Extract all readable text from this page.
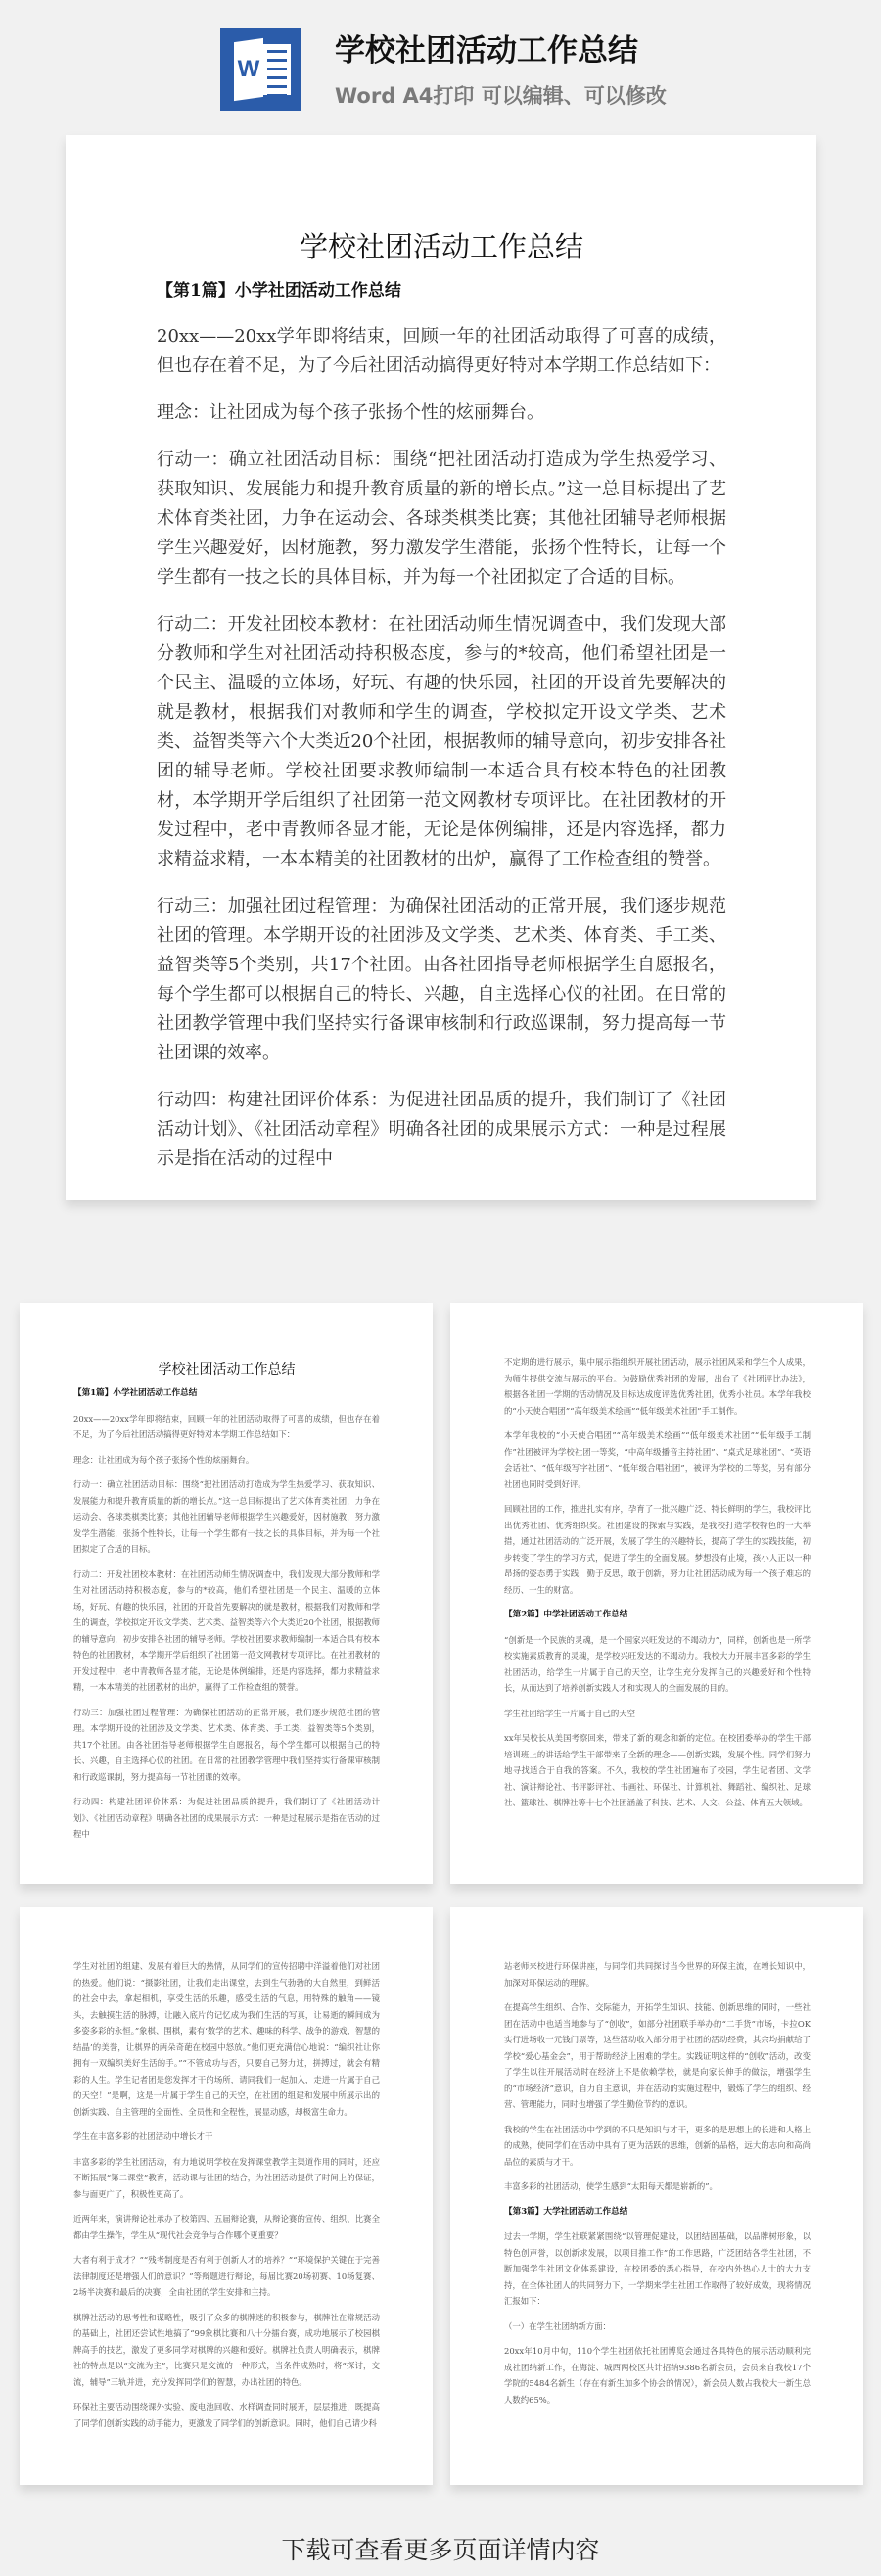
W
学校社团活动工作总结
Word A4打印 可以编辑、可以修改
学校社团活动工作总结
【第1篇】小学社团活动工作总结

20xx——20xx学年即将结束，回顾一年的社团活动取得了可喜的成绩，但也存在着不足，为了今后社团活动搞得更好特对本学期工作总结如下：

理念：让社团成为每个孩子张扬个性的炫丽舞台。

行动一：确立社团活动目标：围绕“把社团活动打造成为学生热爱学习、获取知识、发展能力和提升教育质量的新的增长点。”这一总目标提出了艺术体育类社团，力争在运动会、各球类棋类比赛；其他社团辅导老师根据学生兴趣爱好，因材施教，努力激发学生潜能，张扬个性特长，让每一个学生都有一技之长的具体目标，并为每一个社团拟定了合适的目标。

行动二：开发社团校本教材：在社团活动师生情况调查中，我们发现大部分教师和学生对社团活动持积极态度，参与的*较高，他们希望社团是一个民主、温暖的立体场，好玩、有趣的快乐园，社团的开设首先要解决的就是教材，根据我们对教师和学生的调查，学校拟定开设文学类、艺术类、益智类等六个大类近20个社团，根据教师的辅导意向，初步安排各社团的辅导老师。学校社团要求教师编制一本适合具有校本特色的社团教材，本学期开学后组织了社团第一范文网教材专项评比。在社团教材的开发过程中，老中青教师各显才能，无论是体例编排，还是内容选择，都力求精益求精，一本本精美的社团教材的出炉，赢得了工作检查组的赞誉。

行动三：加强社团过程管理：为确保社团活动的正常开展，我们逐步规范社团的管理。本学期开设的社团涉及文学类、艺术类、体育类、手工类、益智类等5个类别，共17个社团。由各社团指导老师根据学生自愿报名，每个学生都可以根据自己的特长、兴趣，自主选择心仪的社团。在日常的社团教学管理中我们坚持实行备课审核制和行政巡课制，努力提高每一节社团课的效率。

行动四：构建社团评价体系：为促进社团品质的提升，我们制订了《社团活动计划》、《社团活动章程》明确各社团的成果展示方式：一种是过程展示是指在活动的过程中

学校社团活动工作总结
【第1篇】小学社团活动工作总结

20xx——20xx学年即将结束，回顾一年的社团活动取得了可喜的成绩，但也存在着不足，为了今后社团活动搞得更好特对本学期工作总结如下：

理念：让社团成为每个孩子张扬个性的炫丽舞台。

行动一：确立社团活动目标：围绕“把社团活动打造成为学生热爱学习、获取知识、发展能力和提升教育质量的新的增长点。”这一总目标提出了艺术体育类社团，力争在运动会、各球类棋类比赛；其他社团辅导老师根据学生兴趣爱好，因材施教，努力激发学生潜能，张扬个性特长，让每一个学生都有一技之长的具体目标，并为每一个社团拟定了合适的目标。

行动二：开发社团校本教材：在社团活动师生情况调查中，我们发现大部分教师和学生对社团活动持积极态度，参与的*较高，他们希望社团是一个民主、温暖的立体场，好玩、有趣的快乐园，社团的开设首先要解决的就是教材，根据我们对教师和学生的调查，学校拟定开设文学类、艺术类、益智类等六个大类近20个社团，根据教师的辅导意向，初步安排各社团的辅导老师。学校社团要求教师编制一本适合具有校本特色的社团教材，本学期开学后组织了社团第一范文网教材专项评比。在社团教材的开发过程中，老中青教师各显才能，无论是体例编排，还是内容选择，都力求精益求精，一本本精美的社团教材的出炉，赢得了工作检查组的赞誉。

行动三：加强社团过程管理：为确保社团活动的正常开展，我们逐步规范社团的管理。本学期开设的社团涉及文学类、艺术类、体育类、手工类、益智类等5个类别，共17个社团。由各社团指导老师根据学生自愿报名，每个学生都可以根据自己的特长、兴趣，自主选择心仪的社团。在日常的社团教学管理中我们坚持实行备课审核制和行政巡课制，努力提高每一节社团课的效率。

行动四：构建社团评价体系：为促进社团品质的提升，我们制订了《社团活动计划》、《社团活动章程》明确各社团的成果展示方式：一种是过程展示是指在活动的过程中

不定期的进行展示，集中展示指组织开展社团活动，展示社团风采和学生个人成果，为师生提供交流与展示的平台。为鼓励优秀社团的发展，出台了《社团评比办法》，根据各社团一学期的活动情况及目标达成度评选优秀社团，优秀小社员。本学年我校的“小天使合唱团”“高年级美术绘画”“低年级美术社团”手工制作。

本学年我校的“小天使合唱团”“高年级美术绘画”“低年级美术社团”“低年级手工制作”社团被评为学校社团一等奖，“中高年级播音主持社团”、“桌式足球社团”、“英语会话社”、“低年级写字社团”、“低年级合唱社团”，被评为学校的二等奖，另有部分社团也同时受到好评。

回顾社团的工作，推进扎实有序，孕育了一批兴趣广泛、特长鲜明的学生，我校评比出优秀社团、优秀组织奖。社团建设的探索与实践，是我校打造学校特色的一大举措，通过社团活动的广泛开展，发展了学生的兴趣特长，提高了学生的实践技能，初步转变了学生的学习方式，促进了学生的全面发展。梦想没有止境，孩小人正以一种昂扬的姿态勇于实践，勤于反思，敢于创新，努力让社团活动成为每一个孩子难忘的经历、一生的财富。

【第2篇】中学社团活动工作总结

“创新是一个民族的灵魂，是一个国家兴旺发达的不竭动力”，同样，创新也是一所学校实施素质教育的灵魂，是学校兴旺发达的不竭动力。我校大力开展丰富多彩的学生社团活动，给学生一片属于自己的天空，让学生充分发挥自己的兴趣爱好和个性特长，从而达到了培养创新实践人才和实现人的全面发展的目的。

学生社团给学生一片属于自己的天空

xx年吴校长从美国考察回来，带来了新的观念和新的定位。在校团委举办的学生干部培训班上的讲话给学生干部带来了全新的理念——创新实践，发展个性。同学们努力地寻找适合于自我的答案。不久，我校的学生社团遍布了校园，学生记者团、文学社、演讲辩论社、书评影评社、书画社、环保社、计算机社、舞蹈社、编织社、足球社、篮球社、棋牌社等十七个社团涵盖了科技、艺术、人文、公益、体育五大领域。

学生对社团的组建、发展有着巨大的热情，从同学们的宣传招聘中洋溢着他们对社团的热爱。他们说：“摄影社团，让我们走出课堂，去到生气勃勃的大自然里，到鲜活的社会中去，拿起相机，享受生活的乐趣，感受生活的气息，用特殊的触角——镜头，去触摸生活的脉搏，让融入底片的记忆成为我们生活的写真，让易逝的瞬间成为多姿多彩的永恒。”象棋、围棋，素有‘数学的艺术、趣味的科学、战争的游戏、智慧的结晶’的美誉，让棋界的两朵奇葩在校园中怒放。”他们更充满信心地说：“编织社让你拥有一双编织美好生活的手。”“不管成功与否，只要自己努力过，拼搏过，就会有精彩的人生。学生记者团是您发挥才干的场所，请同我们一起加入，走进一片属于自己的天空！”是啊，这是一片属于学生自己的天空，在社团的组建和发展中所展示出的创新实践、自主管理的全面性、全员性和全程性，展显动感，却极富生命力。

学生在丰富多彩的社团活动中增长才干

丰富多彩的学生社团活动，有力地说明学校在发挥课堂教学主渠道作用的同时，还应不断拓展“第二课堂”教育，活动课与社团的结合，为社团活动提供了时间上的保证，参与面更广了，积极性更高了。

近两年来，演讲辩论社承办了校第四、五届辩论赛，从辩论赛的宣传、组织、比赛全都由学生操作，学生从“现代社会竞争与合作哪个更重要？

大者有利于成才？”“残考制度是否有利于创新人才的培养？”“环境保护关键在于完善法律制度还是增强人们的意识？”等辩题进行辩论，每届比赛20场初赛、10场复赛、2场半决赛和最后的决赛，全由社团的学生安排和主持。

棋牌社活动的思考性和谋略性，吸引了众多的棋牌迷的积极参与，棋牌社在常规活动的基础上，社团还尝试性地搞了“99象棋比赛和八十分擂台赛，成功地展示了校园棋牌高手的技艺，激发了更多同学对棋牌的兴趣和爱好。棋牌社负责人明确表示，棋牌社的特点是以“交流为主”，比赛只是交流的一种形式，当条件成熟时，将“探讨，交流，辅导”三轨并进，充分发挥同学们的智慧，办出社团的特色。

环保社主要活动围绕课外实验、废电池回收、水样调查同时展开，层层推进，既提高了同学们创新实践的动手能力，更激发了同学们的创新意识。同时，他们自己请少科

站老师来校进行环保讲座，与同学们共同探讨当今世界的环保主流，在增长知识中，加深对环保运动的理解。

在提高学生组织、合作、交际能力，开拓学生知识、技能、创新思维的同时，一些社团在活动中也适当地参与了“创收”，如部分社团联手举办的“二手货”市场，卡拉OK实行进场收一元钱门票等，这些活动收入部分用于社团的活动经费，其余均捐献给了学校“爱心基金会”，用于帮助经济上困难的学生。实践证明这样的“创收”活动，改变了学生以往开展活动时在经济上不是依赖学校，就是向家长伸手的做法，增强学生的“市场经济”意识，自力自主意识，并在活动的实施过程中，锻炼了学生的组织、经营、管理能力，同时也增强了学生勤俭节约的意识。

我校的学生在社团活动中学到的不只是知识与才干，更多的是思想上的长进和人格上的成熟，使同学们在活动中具有了更为活跃的思维，创新的品格，远大的志向和高尚品位的素质与才干。

丰富多彩的社团活动，使学生感到“太阳每天都是崭新的”。

【第3篇】大学社团活动工作总结

过去一学期，学生社联紧紧围绕“以管理促建设，以团结固基础，以品牌树形象，以特色创声誉，以创新求发展，以项目推工作”的工作思路，广泛团结各学生社团，不断加强学生社团文化体系建设，在校团委的悉心指导，在校内外热心人士的大力支持，在全体社团人的共同努力下，一学期来学生社团工作取得了较好成效，现将情况汇报如下：

（一）在学生社团纳新方面：

20xx年10月中旬，110个学生社团依托社团博览会通过各具特色的展示活动顺利完成社团纳新工作，在海淀、城西两校区共计招纳9386名新会员，会员来自我校17个学院的5484名新生（存在有新生加多个协会的情况），新会员人数占我校大一新生总人数约65%。

下载可查看更多页面详情内容
